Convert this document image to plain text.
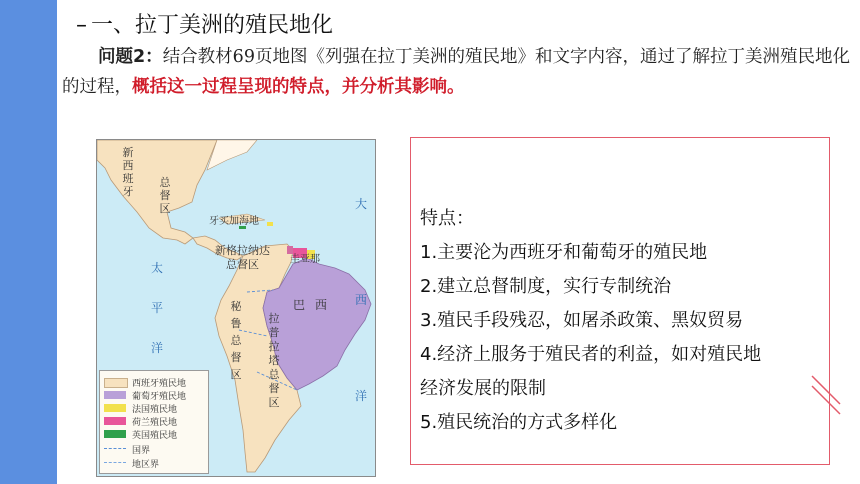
– 一、拉丁美洲的殖民地化
问题2：结合教材69页地图《列强在拉丁美洲的殖民地》和文字内容，通过了解拉丁美洲殖民地化的过程，概括这一过程呈现的特点，并分析其影响。
新
西
班
牙
总
督
区
牙买加海地
新格拉纳达
总督区	圭亚那
秘
鲁
总
督
区
拉
普
拉
塔
总
督
区
巴西
太
平
洋
大
西
洋
西班牙殖民地
葡萄牙殖民地
法国殖民地
荷兰殖民地
英国殖民地
国界
地区界
特点：
1.主要沦为西班牙和葡萄牙的殖民地
2.建立总督制度，实行专制统治
3.殖民手段残忍，如屠杀政策、黑奴贸易
4.经济上服务于殖民者的利益，如对殖民地
经济发展的限制
5.殖民统治的方式多样化
